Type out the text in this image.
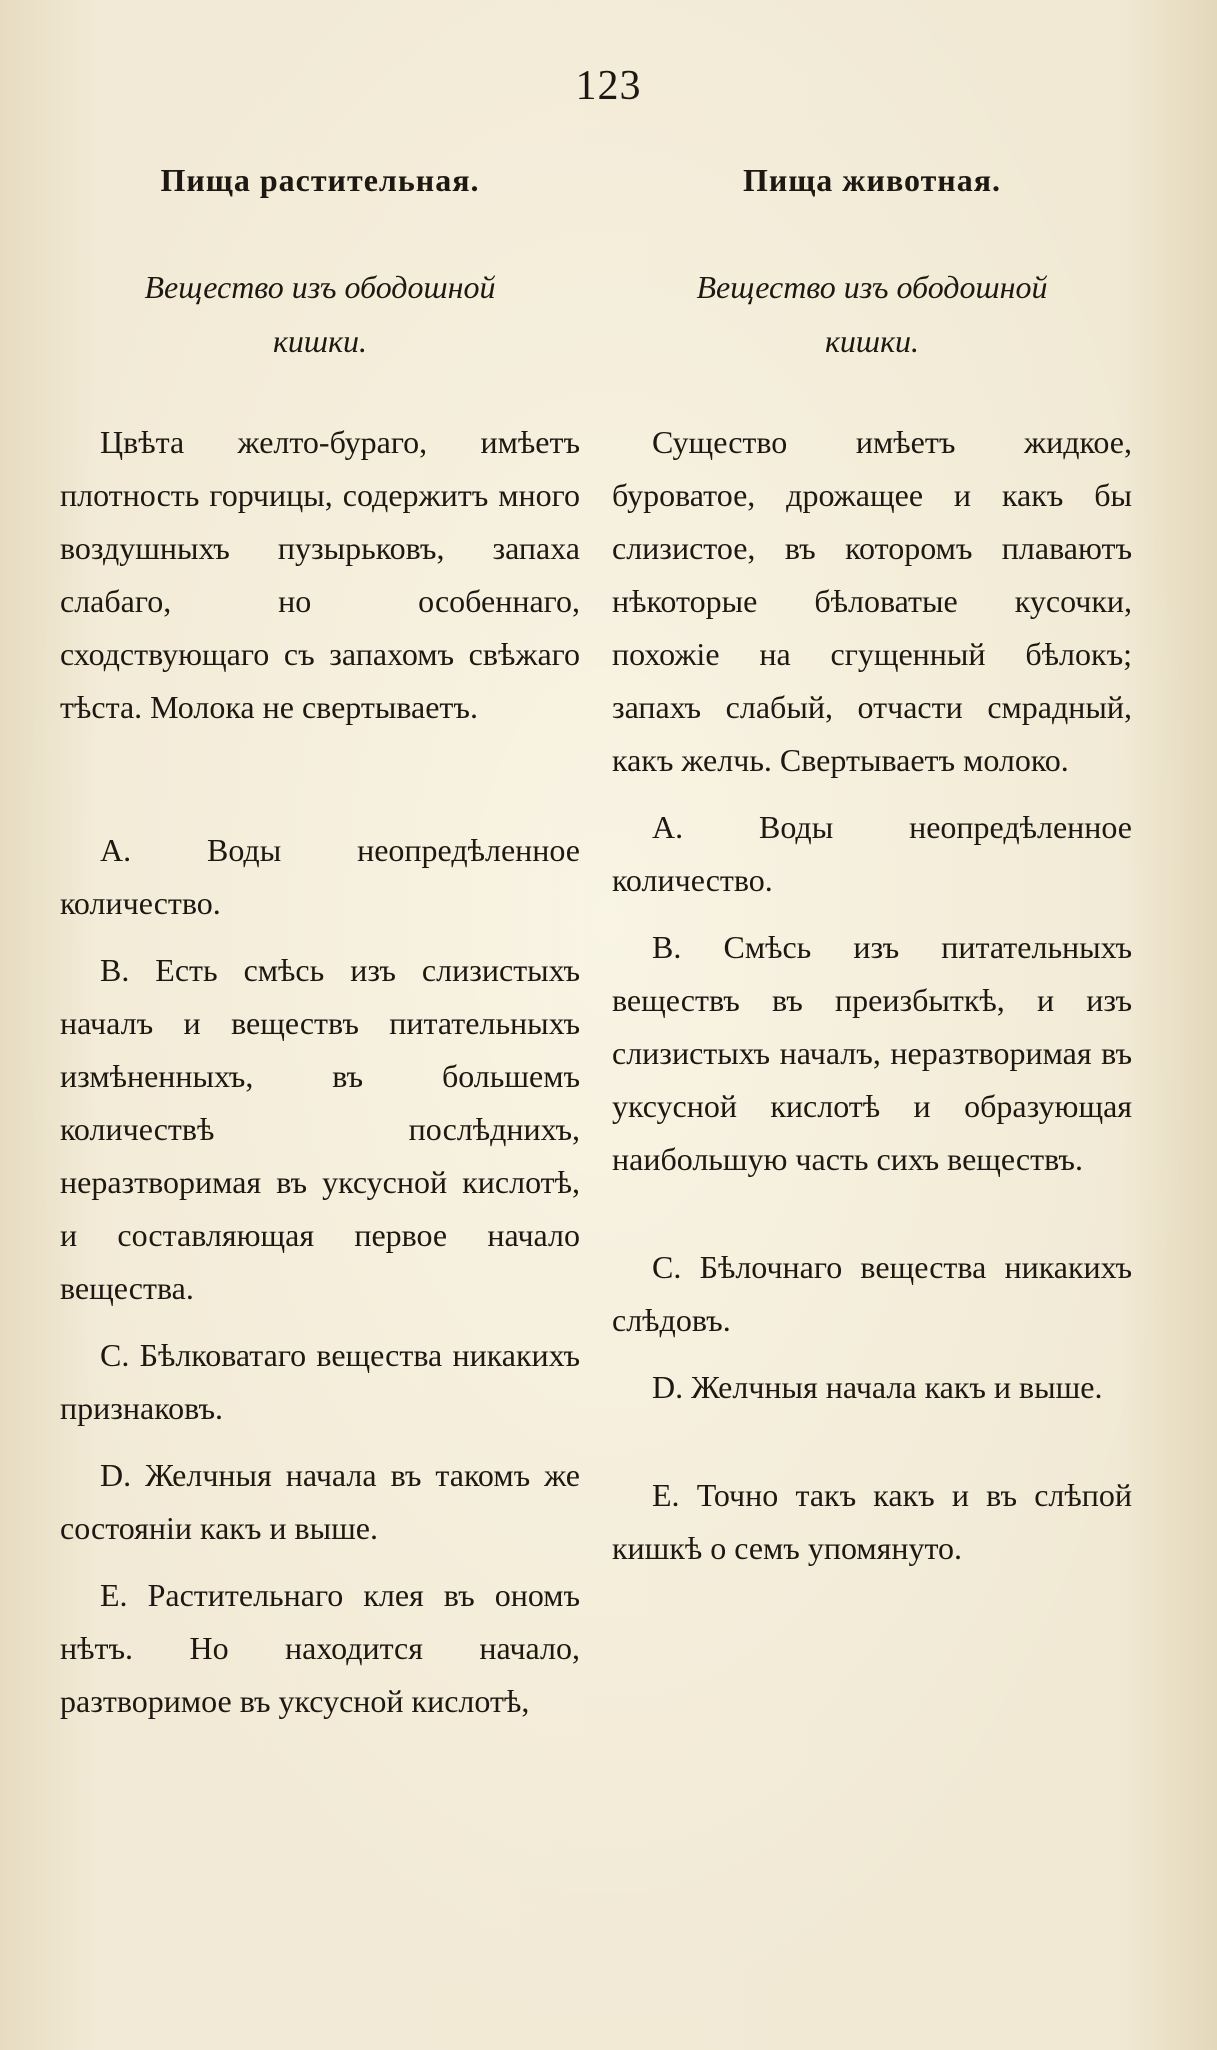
123
Пища растительная.
Вещество изъ ободошной
кишки.
Цвѣта желто-бураго, имѣетъ плотность горчицы, содержитъ много воздушныхъ пузырьковъ, запаха слабаго, но особеннаго, сходствующаго съ запахомъ свѣжаго тѣста. Молока не свертываетъ.
А. Воды неопредѣленное количество.
В. Есть смѣсь изъ слизистыхъ началъ и веществъ питательныхъ измѣненныхъ, въ большемъ количествѣ послѣднихъ, неразтворимая въ уксусной кислотѣ, и составляющая первое начало вещества.
С. Бѣлковатаго вещества никакихъ признаковъ.
D. Желчныя начала въ такомъ же состоянiи какъ и выше.
Е. Растительнаго клея въ ономъ нѣтъ. Но находится начало, разтворимое въ уксусной кислотѣ,
Пища животная.
Вещество изъ ободошной
кишки.
Существо имѣетъ жидкое, буроватое, дрожащее и какъ бы слизистое, въ которомъ плаваютъ нѣкоторые бѣловатые кусочки, похожiе на сгущенный бѣлокъ; запахъ слабый, отчасти смрадный, какъ желчь. Свертываетъ молоко.
А. Воды неопредѣленное количество.
В. Смѣсь изъ питательныхъ веществъ въ преизбыткѣ, и изъ слизистыхъ началъ, неразтворимая въ уксусной кислотѣ и образующая наибольшую часть сихъ веществъ.
С. Бѣлочнаго вещества никакихъ слѣдовъ.
D. Желчныя начала какъ и выше.
Е. Точно такъ какъ и въ слѣпой кишкѣ о семъ упомянуто.
